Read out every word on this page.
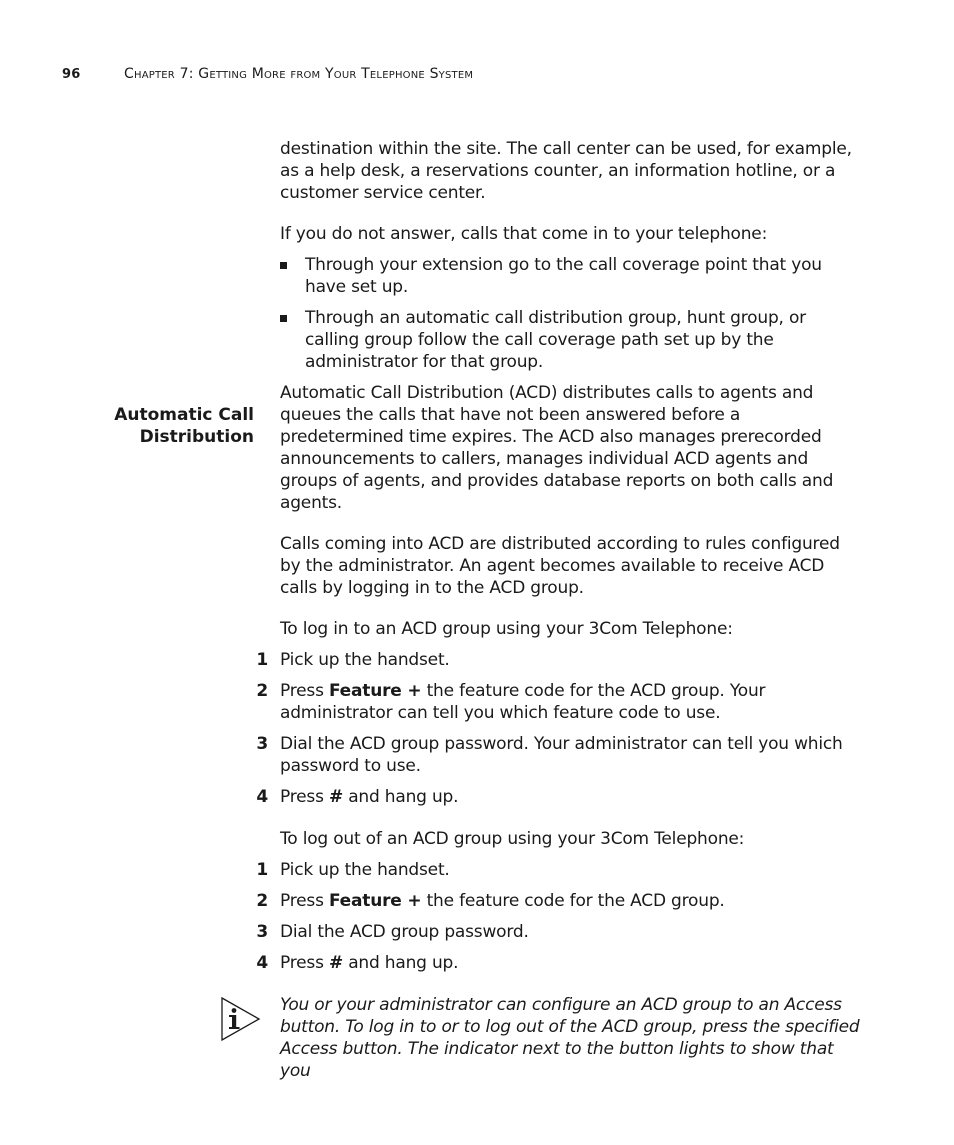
96	Chapter 7: Getting More from Your Telephone System
Automatic Call
Distribution

destination within the site. The call center can be used, for example, as a help desk, a reservations counter, an information hotline, or a customer service center.

If you do not answer, calls that come in to your telephone:

Through your extension go to the call coverage point that you have set up.
Through an automatic call distribution group, hunt group, or calling group follow the call coverage path set up by the administrator for that group.

Automatic Call Distribution (ACD) distributes calls to agents and queues the calls that have not been answered before a predetermined time expires. The ACD also manages prerecorded announcements to callers, manages individual ACD agents and groups of agents, and provides database reports on both calls and agents.

Calls coming into ACD are distributed according to rules configured by the administrator. An agent becomes available to receive ACD calls by logging in to the ACD group.

To log in to an ACD group using your 3Com Telephone:

1 Pick up the handset.
2 Press Feature + the feature code for the ACD group. Your administrator can tell you which feature code to use.
3 Dial the ACD group password. Your administrator can tell you which password to use.
4 Press # and hang up.

To log out of an ACD group using your 3Com Telephone:

1 Pick up the handset.
2 Press Feature + the feature code for the ACD group.
3 Dial the ACD group password.
4 Press # and hang up.

You or your administrator can configure an ACD group to an Access button. To log in to or to log out of the ACD group, press the specified Access button. The indicator next to the button lights to show that you
